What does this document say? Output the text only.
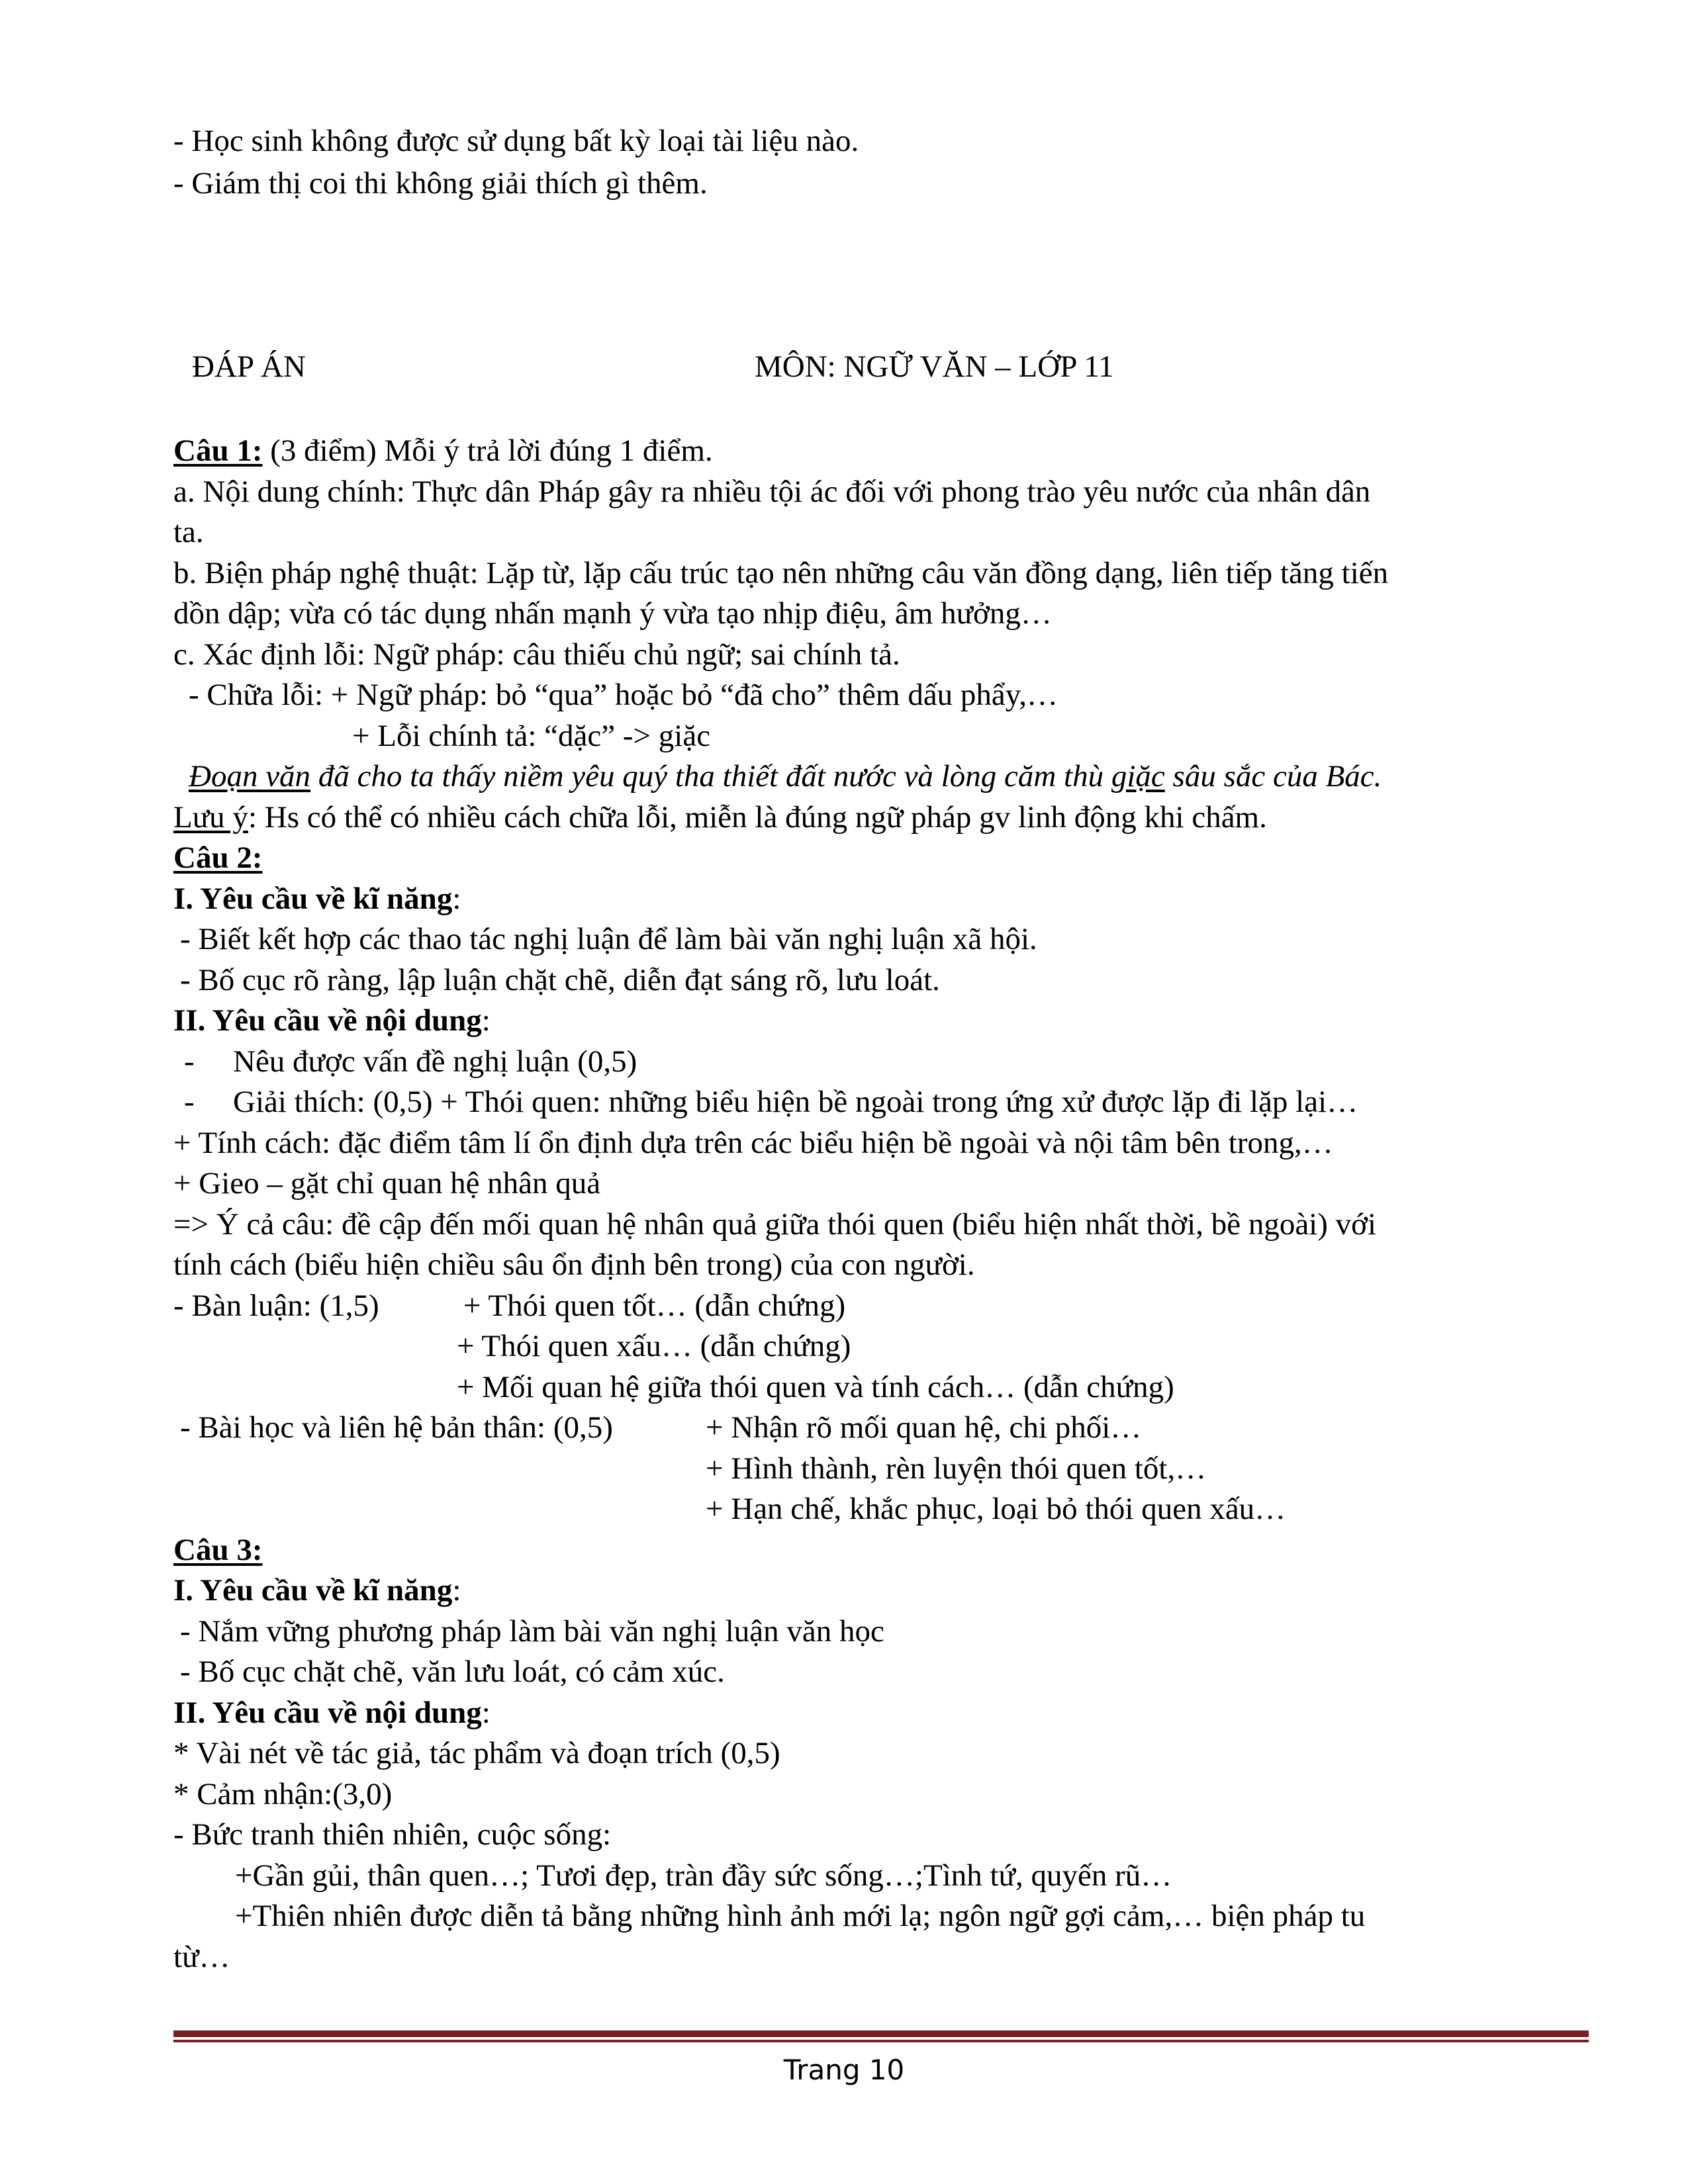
- Học sinh không được sử dụng bất kỳ loại tài liệu nào.

- Giám thị coi thi không giải thích gì thêm.

ĐÁP ÁN	MÔN: NGỮ VĂN – LỚP 11

Câu 1: (3 điểm) Mỗi ý trả lời đúng 1 điểm.

a. Nội dung chính: Thực dân Pháp gây ra nhiều tội ác đối với phong trào yêu nước của nhân dân

ta.

b. Biện pháp nghệ thuật: Lặp từ, lặp cấu trúc tạo nên những câu văn đồng dạng, liên tiếp tăng tiến

dồn dập; vừa có tác dụng nhấn mạnh ý vừa tạo nhịp điệu, âm hưởng…

c. Xác định lỗi: Ngữ pháp: câu thiếu chủ ngữ; sai chính tả.

- Chữa lỗi: + Ngữ pháp: bỏ “qua” hoặc bỏ “đã cho” thêm dấu phẩy,…

+ Lỗi chính tả: “dặc” -> giặc

Đoạn văn đã cho ta thấy niềm yêu quý tha thiết đất nước và lòng căm thù giặc sâu sắc của Bác.

Lưu ý: Hs có thể có nhiều cách chữa lỗi, miễn là đúng ngữ pháp gv linh động khi chấm.

Câu 2:

I. Yêu cầu về kĩ năng:

- Biết kết hợp các thao tác nghị luận để làm bài văn nghị luận xã hội.

- Bố cục rõ ràng, lập luận chặt chẽ, diễn đạt sáng rõ, lưu loát.

II. Yêu cầu về nội dung:

- Nêu được vấn đề nghị luận (0,5)

- Giải thích: (0,5) + Thói quen: những biểu hiện bề ngoài trong ứng xử được lặp đi lặp lại…

+ Tính cách: đặc điểm tâm lí ổn định dựa trên các biểu hiện bề ngoài và nội tâm bên trong,…

+ Gieo – gặt chỉ quan hệ nhân quả

=> Ý cả câu: đề cập đến mối quan hệ nhân quả giữa thói quen (biểu hiện nhất thời, bề ngoài) với

tính cách (biểu hiện chiều sâu ổn định bên trong) của con người.

- Bàn luận: (1,5)	+ Thói quen tốt… (dẫn chứng)

+ Thói quen xấu… (dẫn chứng)

+ Mối quan hệ giữa thói quen và tính cách… (dẫn chứng)

- Bài học và liên hệ bản thân: (0,5)	+ Nhận rõ mối quan hệ, chi phối…

+ Hình thành, rèn luyện thói quen tốt,…

+ Hạn chế, khắc phục, loại bỏ thói quen xấu…

Câu 3:

I. Yêu cầu về kĩ năng:

- Nắm vững phương pháp làm bài văn nghị luận văn học

- Bố cục chặt chẽ, văn lưu loát, có cảm xúc.

II. Yêu cầu về nội dung:

* Vài nét về tác giả, tác phẩm và đoạn trích (0,5)

* Cảm nhận:(3,0)

- Bức tranh thiên nhiên, cuộc sống:

+Gần gủi, thân quen…; Tươi đẹp, tràn đầy sức sống…;Tình tứ, quyến rũ…

+Thiên nhiên được diễn tả bằng những hình ảnh mới lạ; ngôn ngữ gợi cảm,… biện pháp tu

từ…

Trang 10
